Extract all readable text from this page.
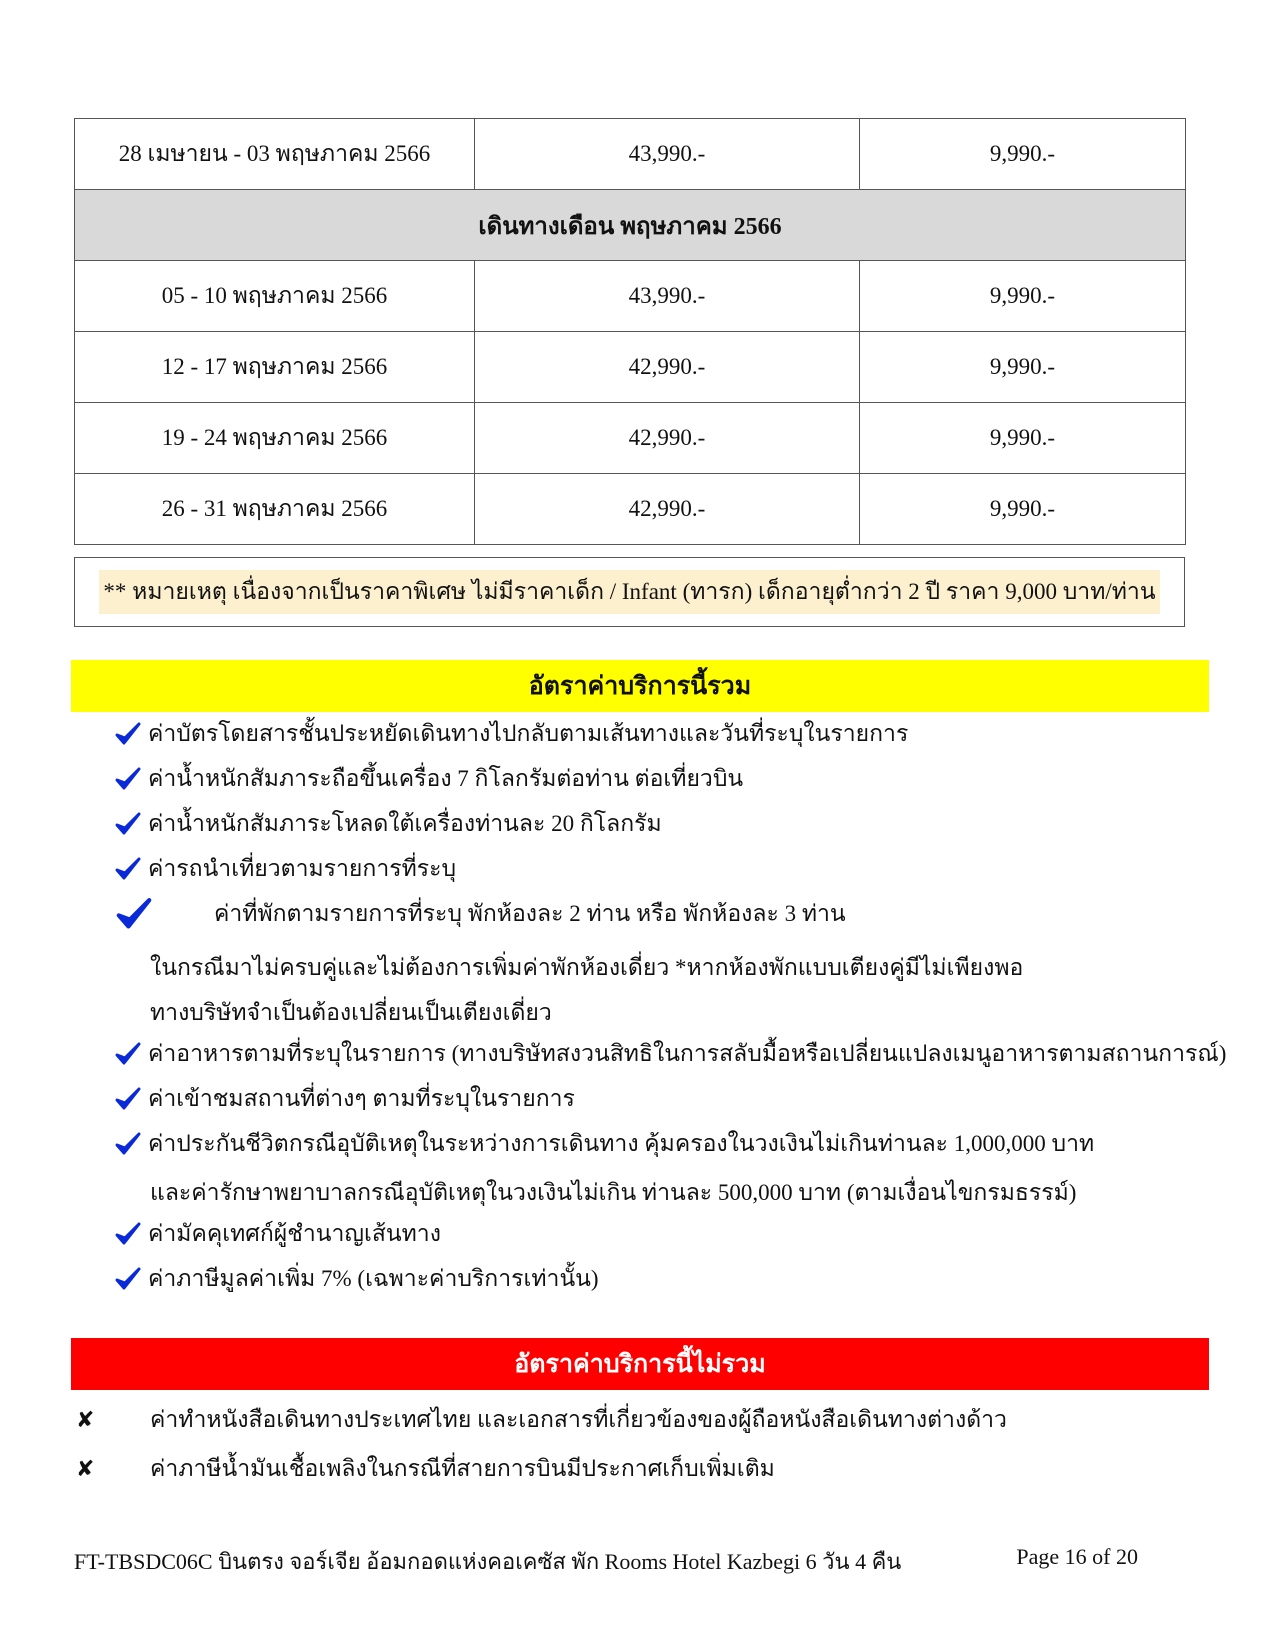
28 เมษายน - 03 พฤษภาคม 2566	43,990.-	9,990.-
เดินทางเดือน พฤษภาคม 2566		
05 - 10 พฤษภาคม 2566	43,990.-	9,990.-
12 - 17 พฤษภาคม 2566	42,990.-	9,990.-
19 - 24 พฤษภาคม 2566	42,990.-	9,990.-
26 - 31 พฤษภาคม 2566	42,990.-	9,990.-
** หมายเหตุ เนื่องจากเป็นราคาพิเศษ ไม่มีราคาเด็ก / Infant (ทารก) เด็กอายุต่ำกว่า 2 ปี ราคา 9,000 บาท/ท่าน
อัตราค่าบริการนี้รวม
ค่าบัตรโดยสารชั้นประหยัดเดินทางไปกลับตามเส้นทางและวันที่ระบุในรายการ
ค่าน้ำหนักสัมภาระถือขึ้นเครื่อง 7 กิโลกรัมต่อท่าน ต่อเที่ยวบิน
ค่าน้ำหนักสัมภาระโหลดใต้เครื่องท่านละ 20 กิโลกรัม
ค่ารถนำเที่ยวตามรายการที่ระบุ
ค่าที่พักตามรายการที่ระบุ พักห้องละ 2 ท่าน หรือ พักห้องละ 3 ท่าน
ในกรณีมาไม่ครบคู่และไม่ต้องการเพิ่มค่าพักห้องเดี่ยว *หากห้องพักแบบเตียงคู่มีไม่เพียงพอ
ทางบริษัทจำเป็นต้องเปลี่ยนเป็นเตียงเดี่ยว
ค่าอาหารตามที่ระบุในรายการ (ทางบริษัทสงวนสิทธิในการสลับมื้อหรือเปลี่ยนแปลงเมนูอาหารตามสถานการณ์)
ค่าเข้าชมสถานที่ต่างๆ ตามที่ระบุในรายการ
ค่าประกันชีวิตกรณีอุบัติเหตุในระหว่างการเดินทาง คุ้มครองในวงเงินไม่เกินท่านละ 1,000,000 บาท
และค่ารักษาพยาบาลกรณีอุบัติเหตุในวงเงินไม่เกิน ท่านละ 500,000 บาท (ตามเงื่อนไขกรมธรรม์)
ค่ามัคคุเทศก์ผู้ชำนาญเส้นทาง
ค่าภาษีมูลค่าเพิ่ม 7% (เฉพาะค่าบริการเท่านั้น)
อัตราค่าบริการนี้ไม่รวม
✘	ค่าทำหนังสือเดินทางประเทศไทย และเอกสารที่เกี่ยวข้องของผู้ถือหนังสือเดินทางต่างด้าว
✘	ค่าภาษีน้ำมันเชื้อเพลิงในกรณีที่สายการบินมีประกาศเก็บเพิ่มเติม
FT-TBSDC06C บินตรง จอร์เจีย อ้อมกอดแห่งคอเคซัส พัก Rooms Hotel Kazbegi 6 วัน 4 คืน	Page 16 of 20
